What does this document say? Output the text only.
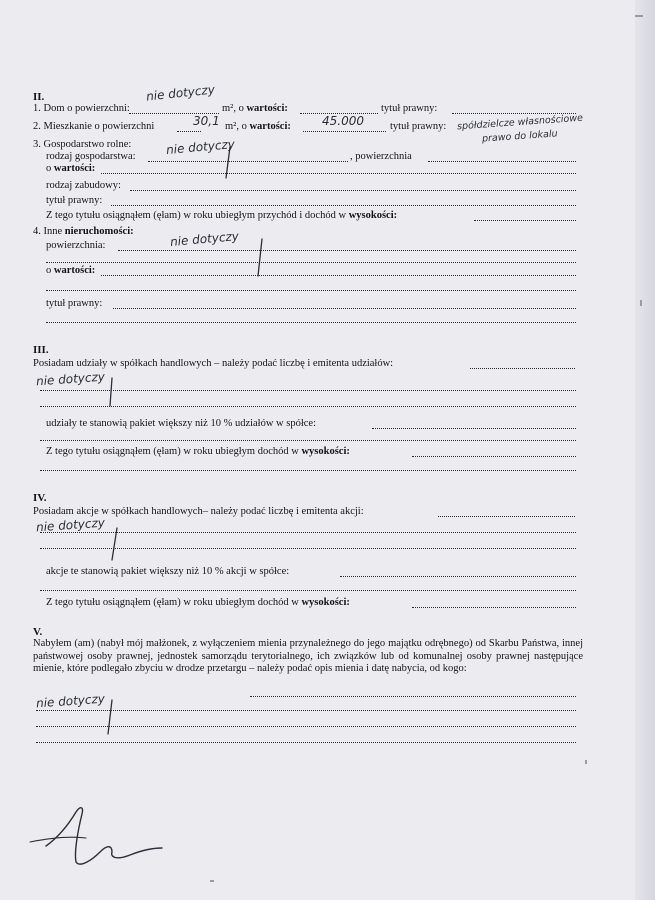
II.	nie dotyczy
1. Dom o powierzchni:	m², o wartości:	tytuł prawny:
2. Mieszkanie o powierzchni	30,1 m², o wartości:	45.000 tytuł prawny: spółdzielcze własnościowe
prawo do lokalu
3. Gospodarstwo rolne:
rodzaj gospodarstwa: nie dotyczy	, powierzchnia
o wartości:
rodzaj zabudowy:
tytuł prawny:
Z tego tytułu osiągnąłem (ęłam) w roku ubiegłym przychód i dochód w wysokości:
4. Inne nieruchomości:
powierzchnia:	nie dotyczy
o wartości:
tytuł prawny:
III.
Posiadam udziały w spółkach handlowych – należy podać liczbę i emitenta udziałów:
nie dotyczy
udziały te stanowią pakiet większy niż 10 % udziałów w spółce:
Z tego tytułu osiągnąłem (ęłam) w roku ubiegłym dochód w wysokości:
IV.
Posiadam akcje w spółkach handlowych– należy podać liczbę i emitenta akcji:
nie dotyczy
akcje te stanowią pakiet większy niż 10 % akcji w spółce:
Z tego tytułu osiągnąłem (ęłam) w roku ubiegłym dochód w wysokości:
V.
Nabyłem (am) (nabył mój małżonek, z wyłączeniem mienia przynależnego do jego majątku odrębnego) od Skarbu Państwa, innej państwowej osoby prawnej, jednostek samorządu terytorialnego, ich związków lub od komunalnej osoby prawnej następujące mienie, które podlegało zbyciu w drodze przetargu – należy podać opis mienia i datę nabycia, od kogo:
nie dotyczy
